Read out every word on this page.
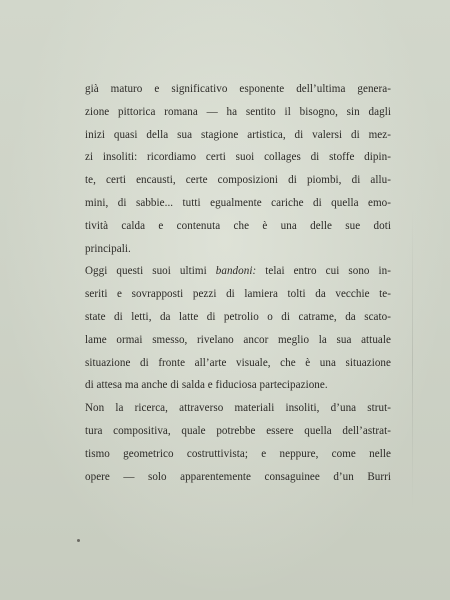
già maturo e significativo esponente dell’ultima genera-
zione pittorica romana — ha sentito il bisogno, sin dagli
inizi quasi della sua stagione artistica, di valersi di mez-
zi insoliti: ricordiamo certi suoi collages di stoffe dipin-
te, certi encausti, certe composizioni di piombi, di allu-
mini, di sabbie... tutti egualmente cariche di quella emo-
tività calda e contenuta che è una delle sue doti
principali.
Oggi questi suoi ultimi bandoni: telai entro cui sono in-
seriti e sovrapposti pezzi di lamiera tolti da vecchie te-
state di letti, da latte di petrolio o di catrame, da scato-
lame ormai smesso, rivelano ancor meglio la sua attuale
situazione di fronte all’arte visuale, che è una situazione
di attesa ma anche di salda e fiduciosa partecipazione.
Non la ricerca, attraverso materiali insoliti, d’una strut-
tura compositiva, quale potrebbe essere quella dell’astrat-
tismo geometrico costruttivista; e neppure, come nelle
opere — solo apparentemente consaguinee d’un Burri
